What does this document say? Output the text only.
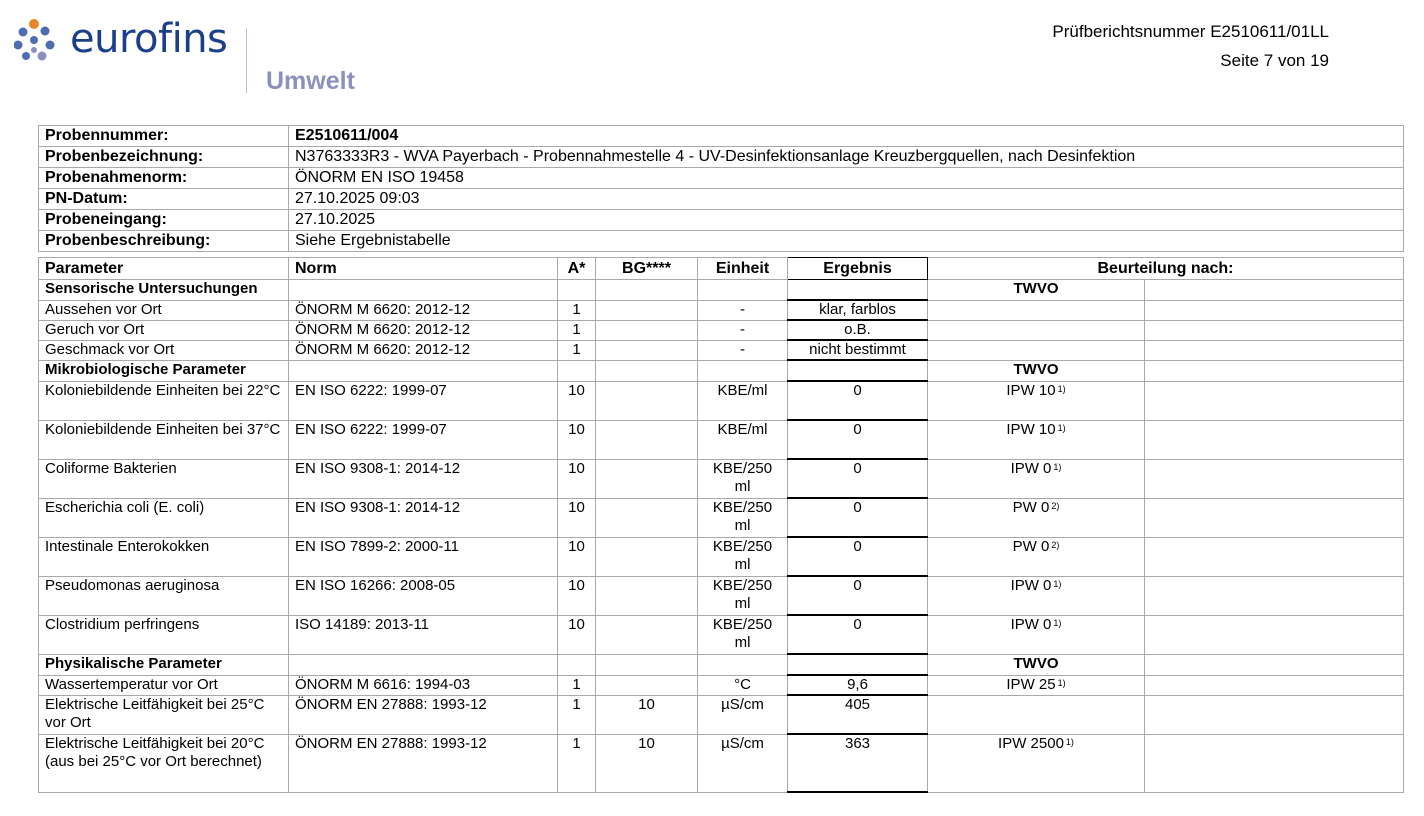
eurofins
Umwelt
Prüfberichtsnummer E2510611/01LL
Seite 7 von 19
Probennummer:	E2510611/004
Probenbezeichnung:	N3763333R3 - WVA Payerbach - Probennahmestelle 4 - UV-Desinfektionsanlage Kreuzbergquellen, nach Desinfektion
Probenahmenorm:	ÖNORM EN ISO 19458
PN-Datum:	27.10.2025 09:03
Probeneingang:	27.10.2025
Probenbeschreibung:	Siehe Ergebnistabelle
Parameter	Norm	A*	BG****	Einheit	Ergebnis	Beurteilung nach:	
Sensorische Untersuchungen						TWVO	
Aussehen vor Ort	ÖNORM M 6620: 2012-12	1		-	klar, farblos		
Geruch vor Ort	ÖNORM M 6620: 2012-12	1		-	o.B.		
Geschmack vor Ort	ÖNORM M 6620: 2012-12	1		-	nicht bestimmt		
Mikrobiologische Parameter						TWVO	
Koloniebildende Einheiten bei 22°C	EN ISO 6222: 1999-07	10		KBE/ml	0	IPW 10 $^{1)}$	
Koloniebildende Einheiten bei 37°C	EN ISO 6222: 1999-07	10		KBE/ml	0	IPW 10 $^{1)}$	
Coliforme Bakterien	EN ISO 9308-1: 2014-12	10		KBE/250 ml	0	IPW 0 $^{1)}$	
Escherichia coli (E. coli)	EN ISO 9308-1: 2014-12	10		KBE/250 ml	0	PW 0 $^{2)}$	
Intestinale Enterokokken	EN ISO 7899-2: 2000-11	10		KBE/250 ml	0	PW 0 $^{2)}$	
Pseudomonas aeruginosa	EN ISO 16266: 2008-05	10		KBE/250 ml	0	IPW 0 $^{1)}$	
Clostridium perfringens	ISO 14189: 2013-11	10		KBE/250 ml	0	IPW 0 $^{1)}$	
Physikalische Parameter						TWVO	
Wassertemperatur vor Ort	ÖNORM M 6616: 1994-03	1		°C	9,6	IPW 25 $^{1)}$	
Elektrische Leitfähigkeit bei 25°C vor Ort	ÖNORM EN 27888: 1993-12	1	10	µS/cm	405		
Elektrische Leitfähigkeit bei 20°C (aus bei 25°C vor Ort berechnet)	ÖNORM EN 27888: 1993-12	1	10	µS/cm	363	IPW 2500 $^{1)}$	
